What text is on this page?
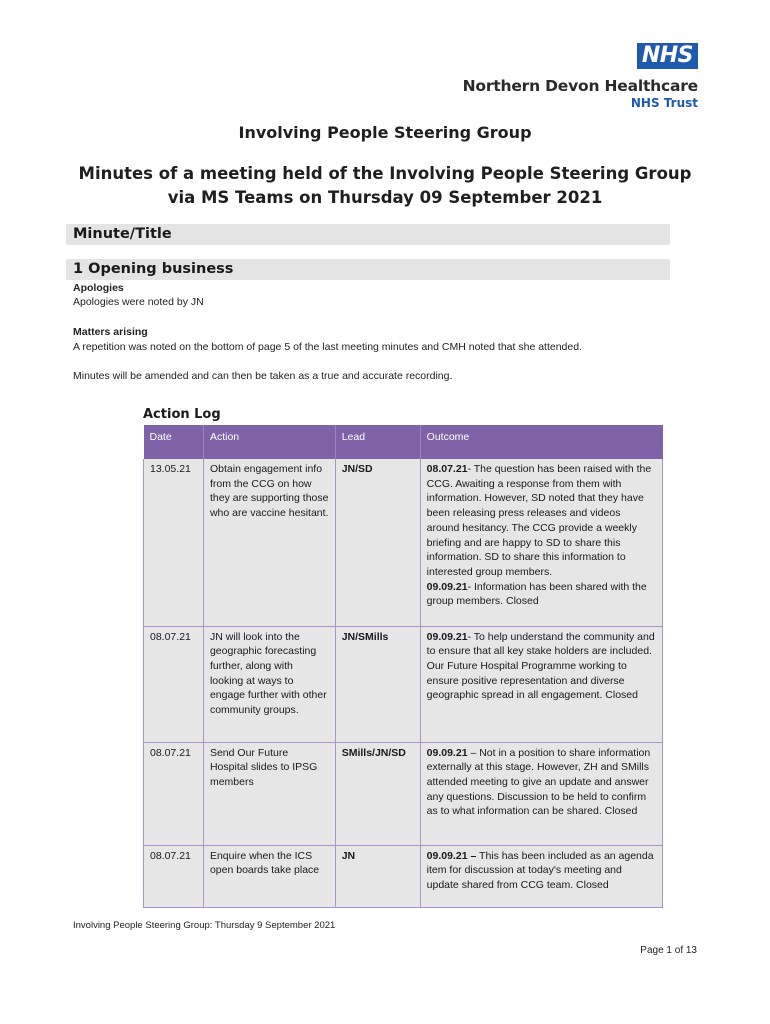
NHS
Northern Devon Healthcare
NHS Trust
Involving People Steering Group
Minutes of a meeting held of the Involving People Steering Group via MS Teams on Thursday 09 September 2021
Minute/Title
1 Opening business
Apologies
Apologies were noted by JN
Matters arising
A repetition was noted on the bottom of page 5 of the last meeting minutes and CMH noted that she attended.
Minutes will be amended and can then be taken as a true and accurate recording.
Action Log
Date	Action	Lead	Outcome

13.05.21	Obtain engagement info from the CCG on how they are supporting those who are vaccine hesitant.	JN/SD	08.07.21- The question has been raised with the CCG. Awaiting a response from them with information. However, SD noted that they have been releasing press releases and videos around hesitancy. The CCG provide a weekly briefing and are happy to SD to share this information. SD to share this information to interested group members.
09.09.21- Information has been shared with the group members. Closed
08.07.21	JN will look into the geographic forecasting further, along with looking at ways to engage further with other community groups.	JN/SMills	09.09.21- To help understand the community and to ensure that all key stake holders are included. Our Future Hospital Programme working to ensure positive representation and diverse geographic spread in all engagement. Closed
08.07.21	Send Our Future Hospital slides to IPSG members	SMills/JN/SD	09.09.21 – Not in a position to share information externally at this stage. However, ZH and SMills attended meeting to give an update and answer any questions. Discussion to be held to confirm as to what information can be shared. Closed
08.07.21	Enquire when the ICS open boards take place	JN	09.09.21 – This has been included as an agenda item for discussion at today's meeting and update shared from CCG team. Closed
Involving People Steering Group: Thursday 9 September 2021
Page 1 of 13
